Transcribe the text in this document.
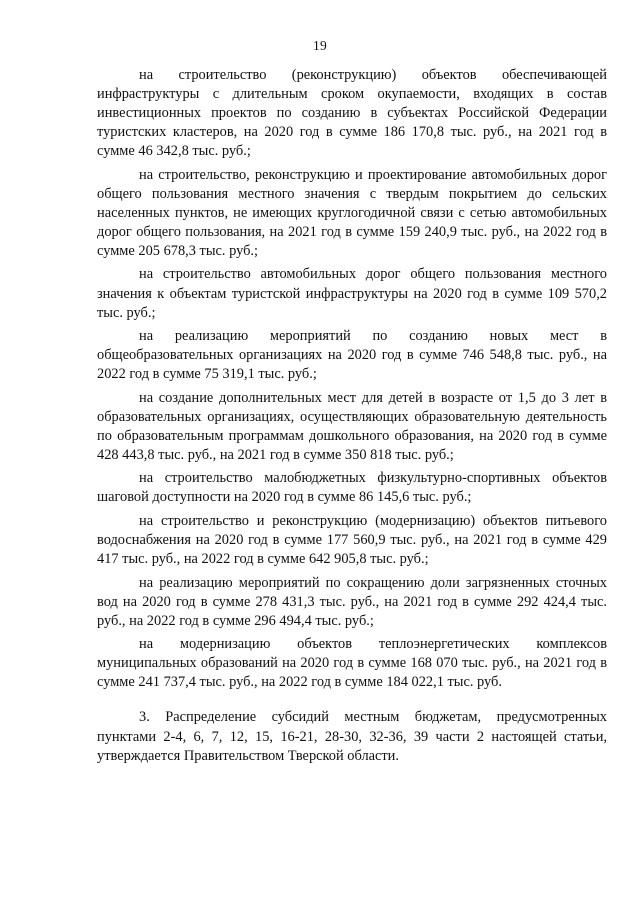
19

на строительство (реконструкцию) объектов обеспечивающей инфраструктуры с длительным сроком окупаемости, входящих в состав инвестиционных проектов по созданию в субъектах Российской Федерации туристских кластеров, на 2020 год в сумме 186 170,8 тыс. руб., на 2021 год в сумме 46 342,8 тыс. руб.;

на строительство, реконструкцию и проектирование автомобильных дорог общего пользования местного значения с твердым покрытием до сельских населенных пунктов, не имеющих круглогодичной связи с сетью автомобильных дорог общего пользования, на 2021 год в сумме 159 240,9 тыс. руб., на 2022 год в сумме 205 678,3 тыс. руб.;

на строительство автомобильных дорог общего пользования местного значения к объектам туристской инфраструктуры на 2020 год в сумме 109 570,2 тыс. руб.;

на реализацию мероприятий по созданию новых мест в общеобразовательных организациях на 2020 год в сумме 746 548,8 тыс. руб., на 2022 год в сумме 75 319,1 тыс. руб.;

на создание дополнительных мест для детей в возрасте от 1,5 до 3 лет в образовательных организациях, осуществляющих образовательную деятельность по образовательным программам дошкольного образования, на 2020 год в сумме 428 443,8 тыс. руб., на 2021 год в сумме 350 818 тыс. руб.;

на строительство малобюджетных физкультурно-спортивных объектов шаговой доступности на 2020 год в сумме 86 145,6 тыс. руб.;

на строительство и реконструкцию (модернизацию) объектов питьевого водоснабжения на 2020 год в сумме 177 560,9 тыс. руб., на 2021 год в сумме 429 417 тыс. руб., на 2022 год в сумме 642 905,8 тыс. руб.;

на реализацию мероприятий по сокращению доли загрязненных сточных вод на 2020 год в сумме 278 431,3 тыс. руб., на 2021 год в сумме 292 424,4 тыс. руб., на 2022 год в сумме 296 494,4 тыс. руб.;

на модернизацию объектов теплоэнергетических комплексов муниципальных образований на 2020 год в сумме 168 070 тыс. руб., на 2021 год в сумме 241 737,4 тыс. руб., на 2022 год в сумме 184 022,1 тыс. руб.

3. Распределение субсидий местным бюджетам, предусмотренных пунктами 2-4, 6, 7, 12, 15, 16-21, 28-30, 32-36, 39 части 2 настоящей статьи, утверждается Правительством Тверской области.
